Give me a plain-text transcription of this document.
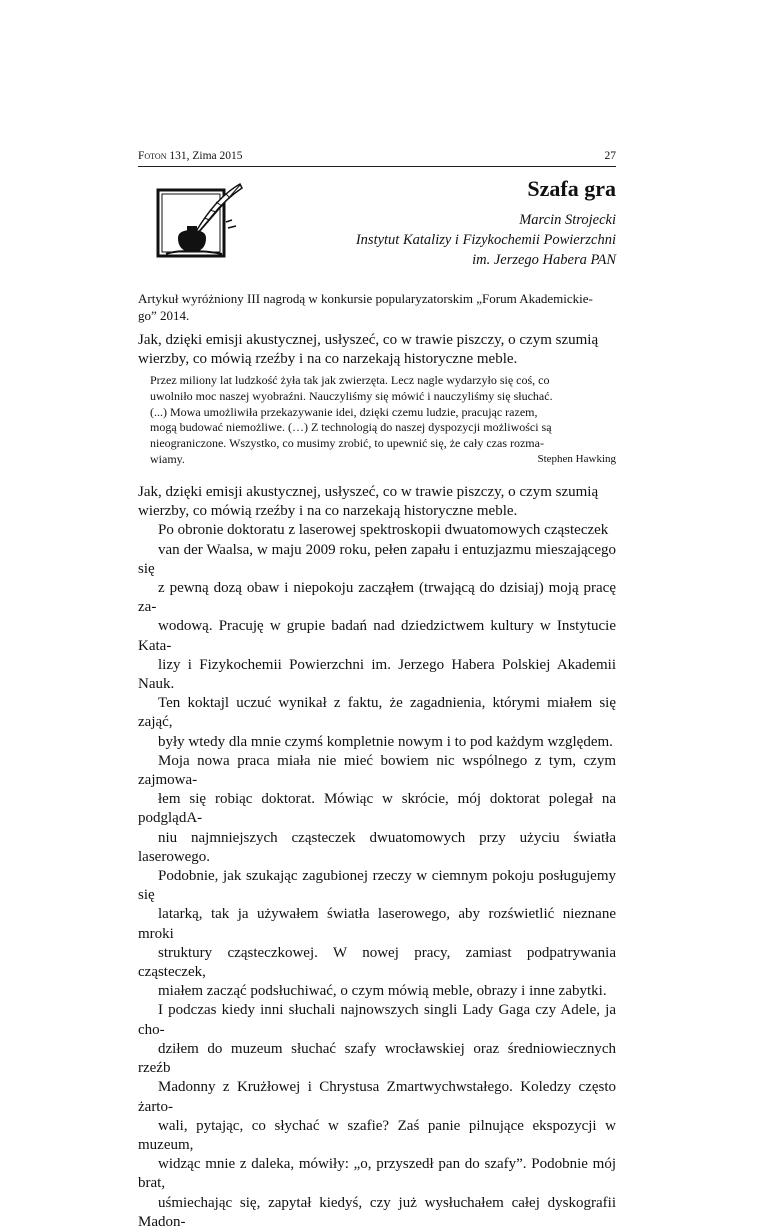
Foton 131, Zima 2015	27
Szafa gra
Marcin Strojecki
Instytut Katalizy i Fizykochemii Powierzchni
im. Jerzego Habera PAN
Artykuł wyróżniony III nagrodą w konkursie popularyzatorskim „Forum Akademickie-
go” 2014.
Jak, dzięki emisji akustycznej, usłyszeć, co w trawie piszczy, o czym szumią
wierzby, co mówią rzeźby i na co narzekają historyczne meble.
Przez miliony lat ludzkość żyła tak jak zwierzęta. Lecz nagle wydarzyło się coś, co
uwolniło moc naszej wyobraźni. Nauczyliśmy się mówić i nauczyliśmy się słuchać.
(...) Mowa umożliwiła przekazywanie idei, dzięki czemu ludzie, pracując razem,
mogą budować niemożliwe. (…) Z technologią do naszej dyspozycji możliwości są
nieograniczone. Wszystko, co musimy zrobić, to upewnić się, że cały czas rozma-
wiamy.	Stephen Hawking

Jak, dzięki emisji akustycznej, usłyszeć, co w trawie piszczy, o czym szumią
wierzby, co mówią rzeźby i na co narzekają historyczne meble.

Po obronie doktoratu z laserowej spektroskopii dwuatomowych cząsteczek
van der Waalsa, w maju 2009 roku, pełen zapału i entuzjazmu mieszającego się
z pewną dozą obaw i niepokoju zacząłem (trwającą do dzisiaj) moją pracę za-
wodową. Pracuję w grupie badań nad dziedzictwem kultury w Instytucie Kata-
lizy i Fizykochemii Powierzchni im. Jerzego Habera Polskiej Akademii Nauk.
Ten koktajl uczuć wynikał z faktu, że zagadnienia, którymi miałem się zająć,
były wtedy dla mnie czymś kompletnie nowym i to pod każdym względem.
Moja nowa praca miała nie mieć bowiem nic wspólnego z tym, czym zajmowa-
łem się robiąc doktorat. Mówiąc w skrócie, mój doktorat polegał na podglądA-
niu najmniejszych cząsteczek dwuatomowych przy użyciu światła laserowego.
Podobnie, jak szukając zagubionej rzeczy w ciemnym pokoju posługujemy się
latarką, tak ja używałem światła laserowego, aby rozświetlić nieznane mroki
struktury cząsteczkowej. W nowej pracy, zamiast podpatrywania cząsteczek,
miałem zacząć podsłuchiwać, o czym mówią meble, obrazy i inne zabytki.
I podczas kiedy inni słuchali najnowszych singli Lady Gaga czy Adele, ja cho-
dziłem do muzeum słuchać szafy wrocławskiej oraz średniowiecznych rzeźb
Madonny z Krużłowej i Chrystusa Zmartwychwstałego. Koledzy często żarto-
wali, pytając, co słychać w szafie? Zaś panie pilnujące ekspozycji w muzeum,
widząc mnie z daleka, mówiły: „o, przyszedł pan do szafy”. Podobnie mój brat,
uśmiechając się, zapytał kiedyś, czy już wysłuchałem całej dyskografii Madon-
